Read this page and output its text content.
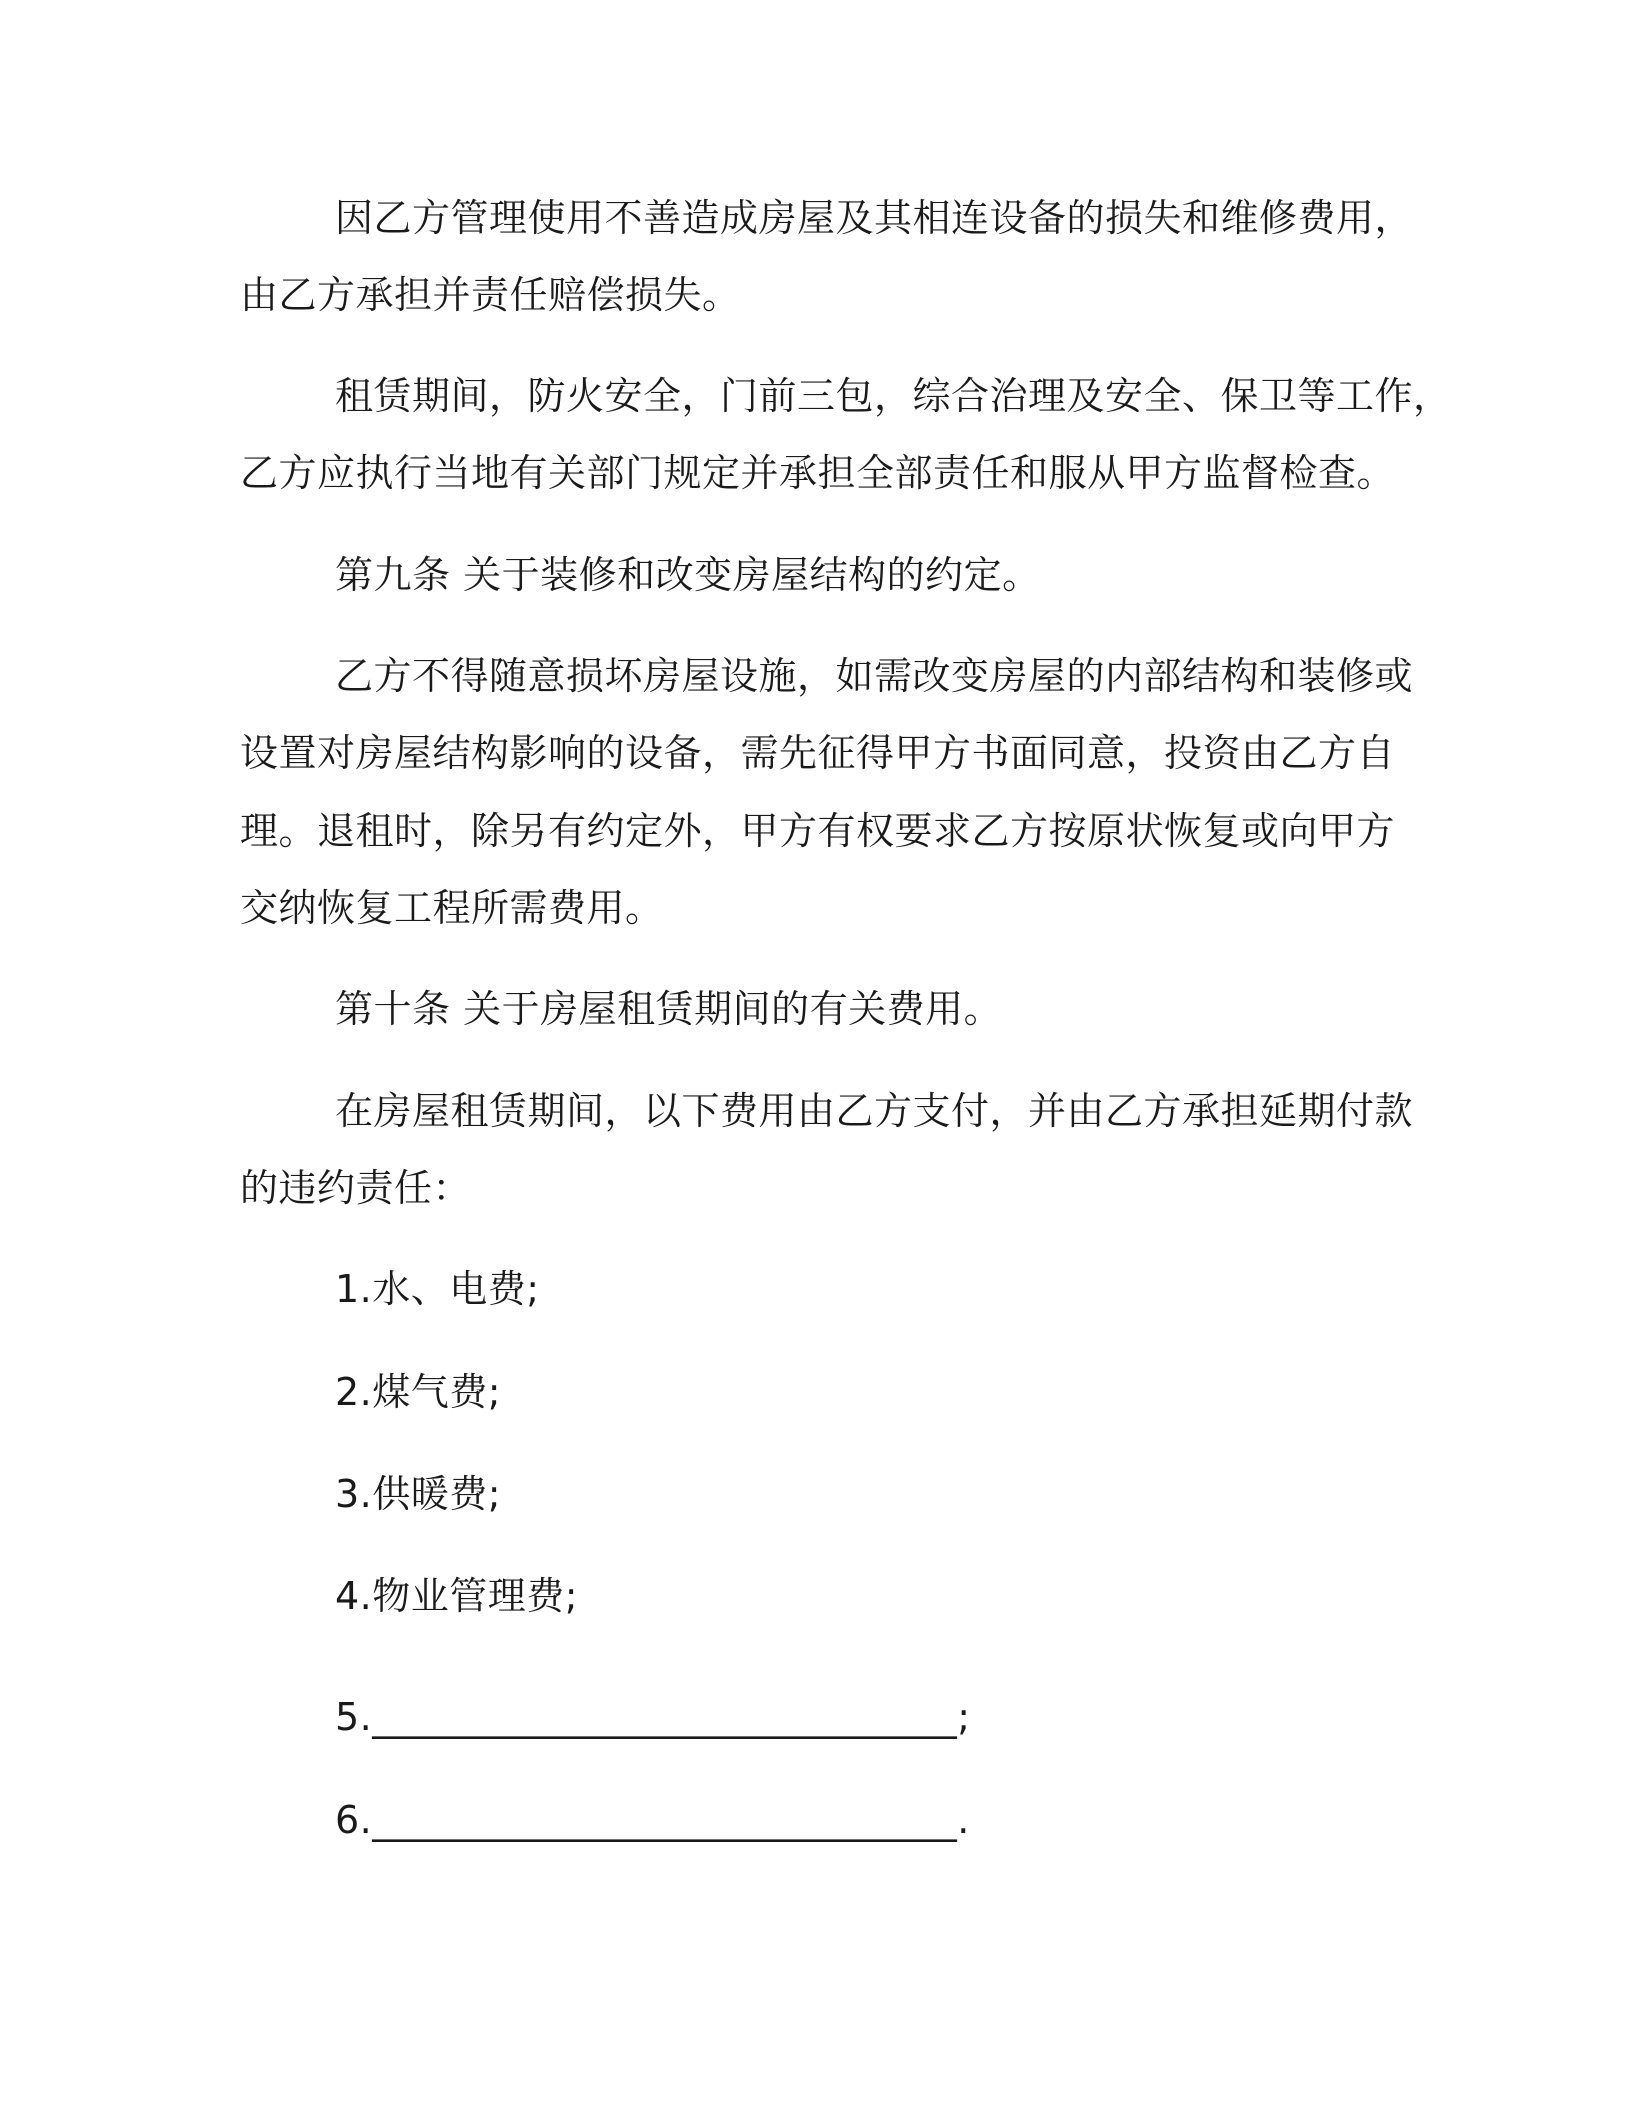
因乙方管理使用不善造成房屋及其相连设备的损失和维修费用，
由乙方承担并责任赔偿损失。
租赁期间，防火安全，门前三包，综合治理及安全、保卫等工作，
乙方应执行当地有关部门规定并承担全部责任和服从甲方监督检查。
第九条 关于装修和改变房屋结构的约定。
乙方不得随意损坏房屋设施，如需改变房屋的内部结构和装修或
设置对房屋结构影响的设备，需先征得甲方书面同意，投资由乙方自
理。退租时，除另有约定外，甲方有权要求乙方按原状恢复或向甲方
交纳恢复工程所需费用。
第十条 关于房屋租赁期间的有关费用。
在房屋租赁期间，以下费用由乙方支付，并由乙方承担延期付款
的违约责任：
1.水、电费;
2.煤气费;
3.供暖费;
4.物业管理费;
5.______________________________;
6.______________________________.
